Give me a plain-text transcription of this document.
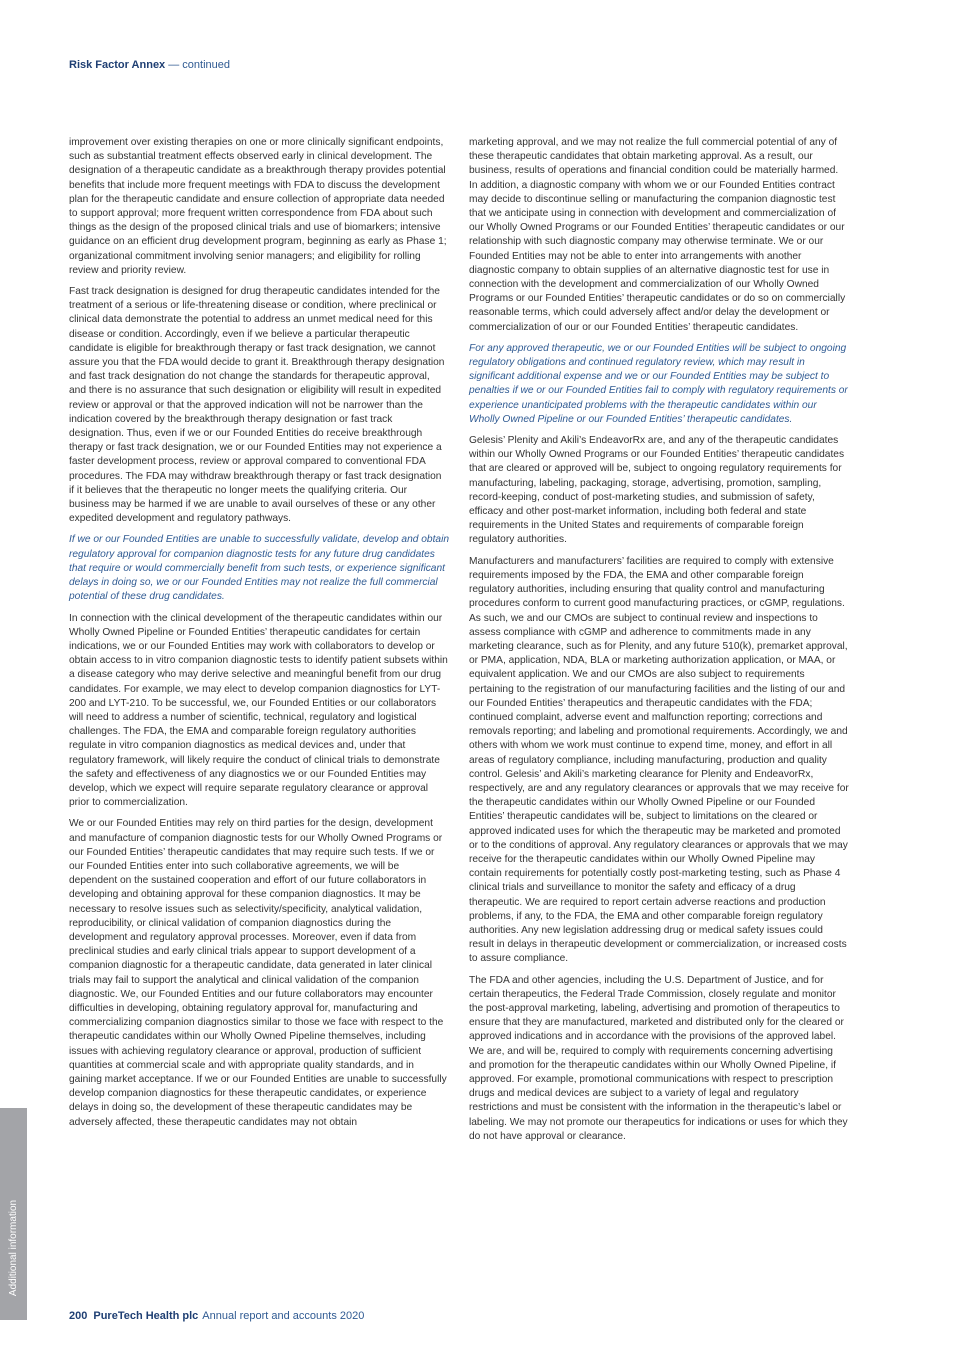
Risk Factor Annex — continued

improvement over existing therapies on one or more clinically significant endpoints, such as substantial treatment effects observed early in clinical development. The designation of a therapeutic candidate as a breakthrough therapy provides potential benefits that include more frequent meetings with FDA to discuss the development plan for the therapeutic candidate and ensure collection of appropriate data needed to support approval; more frequent written correspondence from FDA about such things as the design of the proposed clinical trials and use of biomarkers; intensive guidance on an efficient drug development program, beginning as early as Phase 1; organizational commitment involving senior managers; and eligibility for rolling review and priority review.

Fast track designation is designed for drug therapeutic candidates intended for the treatment of a serious or life-threatening disease or condition, where preclinical or clinical data demonstrate the potential to address an unmet medical need for this disease or condition. Accordingly, even if we believe a particular therapeutic candidate is eligible for breakthrough therapy or fast track designation, we cannot assure you that the FDA would decide to grant it. Breakthrough therapy designation and fast track designation do not change the standards for therapeutic approval, and there is no assurance that such designation or eligibility will result in expedited review or approval or that the approved indication will not be narrower than the indication covered by the breakthrough therapy designation or fast track designation. Thus, even if we or our Founded Entities do receive breakthrough therapy or fast track designation, we or our Founded Entities may not experience a faster development process, review or approval compared to conventional FDA procedures. The FDA may withdraw breakthrough therapy or fast track designation if it believes that the therapeutic no longer meets the qualifying criteria. Our business may be harmed if we are unable to avail ourselves of these or any other expedited development and regulatory pathways.

If we or our Founded Entities are unable to successfully validate, develop and obtain regulatory approval for companion diagnostic tests for any future drug candidates that require or would commercially benefit from such tests, or experience significant delays in doing so, we or our Founded Entities may not realize the full commercial potential of these drug candidates.

In connection with the clinical development of the therapeutic candidates within our Wholly Owned Pipeline or Founded Entities’ therapeutic candidates for certain indications, we or our Founded Entities may work with collaborators to develop or obtain access to in vitro companion diagnostic tests to identify patient subsets within a disease category who may derive selective and meaningful benefit from our drug candidates. For example, we may elect to develop companion diagnostics for LYT-200 and LYT-210. To be successful, we, our Founded Entities or our collaborators will need to address a number of scientific, technical, regulatory and logistical challenges. The FDA, the EMA and comparable foreign regulatory authorities regulate in vitro companion diagnostics as medical devices and, under that regulatory framework, will likely require the conduct of clinical trials to demonstrate the safety and effectiveness of any diagnostics we or our Founded Entities may develop, which we expect will require separate regulatory clearance or approval prior to commercialization.

We or our Founded Entities may rely on third parties for the design, development and manufacture of companion diagnostic tests for our Wholly Owned Programs or our Founded Entities’ therapeutic candidates that may require such tests. If we or our Founded Entities enter into such collaborative agreements, we will be dependent on the sustained cooperation and effort of our future collaborators in developing and obtaining approval for these companion diagnostics. It may be necessary to resolve issues such as selectivity/specificity, analytical validation, reproducibility, or clinical validation of companion diagnostics during the development and regulatory approval processes. Moreover, even if data from preclinical studies and early clinical trials appear to support development of a companion diagnostic for a therapeutic candidate, data generated in later clinical trials may fail to support the analytical and clinical validation of the companion diagnostic. We, our Founded Entities and our future collaborators may encounter difficulties in developing, obtaining regulatory approval for, manufacturing and commercializing companion diagnostics similar to those we face with respect to the therapeutic candidates within our Wholly Owned Pipeline themselves, including issues with achieving regulatory clearance or approval, production of sufficient quantities at commercial scale and with appropriate quality standards, and in gaining market acceptance. If we or our Founded Entities are unable to successfully develop companion diagnostics for these therapeutic candidates, or experience delays in doing so, the development of these therapeutic candidates may be adversely affected, these therapeutic candidates may not obtain

marketing approval, and we may not realize the full commercial potential of any of these therapeutic candidates that obtain marketing approval. As a result, our business, results of operations and financial condition could be materially harmed. In addition, a diagnostic company with whom we or our Founded Entities contract may decide to discontinue selling or manufacturing the companion diagnostic test that we anticipate using in connection with development and commercialization of our Wholly Owned Programs or our Founded Entities’ therapeutic candidates or our relationship with such diagnostic company may otherwise terminate. We or our Founded Entities may not be able to enter into arrangements with another diagnostic company to obtain supplies of an alternative diagnostic test for use in connection with the development and commercialization of our Wholly Owned Programs or our Founded Entities’ therapeutic candidates or do so on commercially reasonable terms, which could adversely affect and/or delay the development or commercialization of our or our Founded Entities’ therapeutic candidates.

For any approved therapeutic, we or our Founded Entities will be subject to ongoing regulatory obligations and continued regulatory review, which may result in significant additional expense and we or our Founded Entities may be subject to penalties if we or our Founded Entities fail to comply with regulatory requirements or experience unanticipated problems with the therapeutic candidates within our Wholly Owned Pipeline or our Founded Entities’ therapeutic candidates.

Gelesis’ Plenity and Akili’s EndeavorRx are, and any of the therapeutic candidates within our Wholly Owned Programs or our Founded Entities’ therapeutic candidates that are cleared or approved will be, subject to ongoing regulatory requirements for manufacturing, labeling, packaging, storage, advertising, promotion, sampling, record-keeping, conduct of post-marketing studies, and submission of safety, efficacy and other post-market information, including both federal and state requirements in the United States and requirements of comparable foreign regulatory authorities.

Manufacturers and manufacturers’ facilities are required to comply with extensive requirements imposed by the FDA, the EMA and other comparable foreign regulatory authorities, including ensuring that quality control and manufacturing procedures conform to current good manufacturing practices, or cGMP, regulations. As such, we and our CMOs are subject to continual review and inspections to assess compliance with cGMP and adherence to commitments made in any marketing clearance, such as for Plenity, and any future 510(k), premarket approval, or PMA, application, NDA, BLA or marketing authorization application, or MAA, or equivalent application. We and our CMOs are also subject to requirements pertaining to the registration of our manufacturing facilities and the listing of our and our Founded Entities’ therapeutics and therapeutic candidates with the FDA; continued complaint, adverse event and malfunction reporting; corrections and removals reporting; and labeling and promotional requirements. Accordingly, we and others with whom we work must continue to expend time, money, and effort in all areas of regulatory compliance, including manufacturing, production and quality control. Gelesis’ and Akili’s marketing clearance for Plenity and EndeavorRx, respectively, are and any regulatory clearances or approvals that we may receive for the therapeutic candidates within our Wholly Owned Pipeline or our Founded Entities’ therapeutic candidates will be, subject to limitations on the cleared or approved indicated uses for which the therapeutic may be marketed and promoted or to the conditions of approval. Any regulatory clearances or approvals that we may receive for the therapeutic candidates within our Wholly Owned Pipeline may contain requirements for potentially costly post-marketing testing, such as Phase 4 clinical trials and surveillance to monitor the safety and efficacy of a drug therapeutic. We are required to report certain adverse reactions and production problems, if any, to the FDA, the EMA and other comparable foreign regulatory authorities. Any new legislation addressing drug or medical safety issues could result in delays in therapeutic development or commercialization, or increased costs to assure compliance.

The FDA and other agencies, including the U.S. Department of Justice, and for certain therapeutics, the Federal Trade Commission, closely regulate and monitor the post-approval marketing, labeling, advertising and promotion of therapeutics to ensure that they are manufactured, marketed and distributed only for the cleared or approved indications and in accordance with the provisions of the approved label. We are, and will be, required to comply with requirements concerning advertising and promotion for the therapeutic candidates within our Wholly Owned Pipeline, if approved. For example, promotional communications with respect to prescription drugs and medical devices are subject to a variety of legal and regulatory restrictions and must be consistent with the information in the therapeutic’s label or labeling. We may not promote our therapeutics for indications or uses for which they do not have approval or clearance.

Additional information
200 PureTech Health plc Annual report and accounts 2020
